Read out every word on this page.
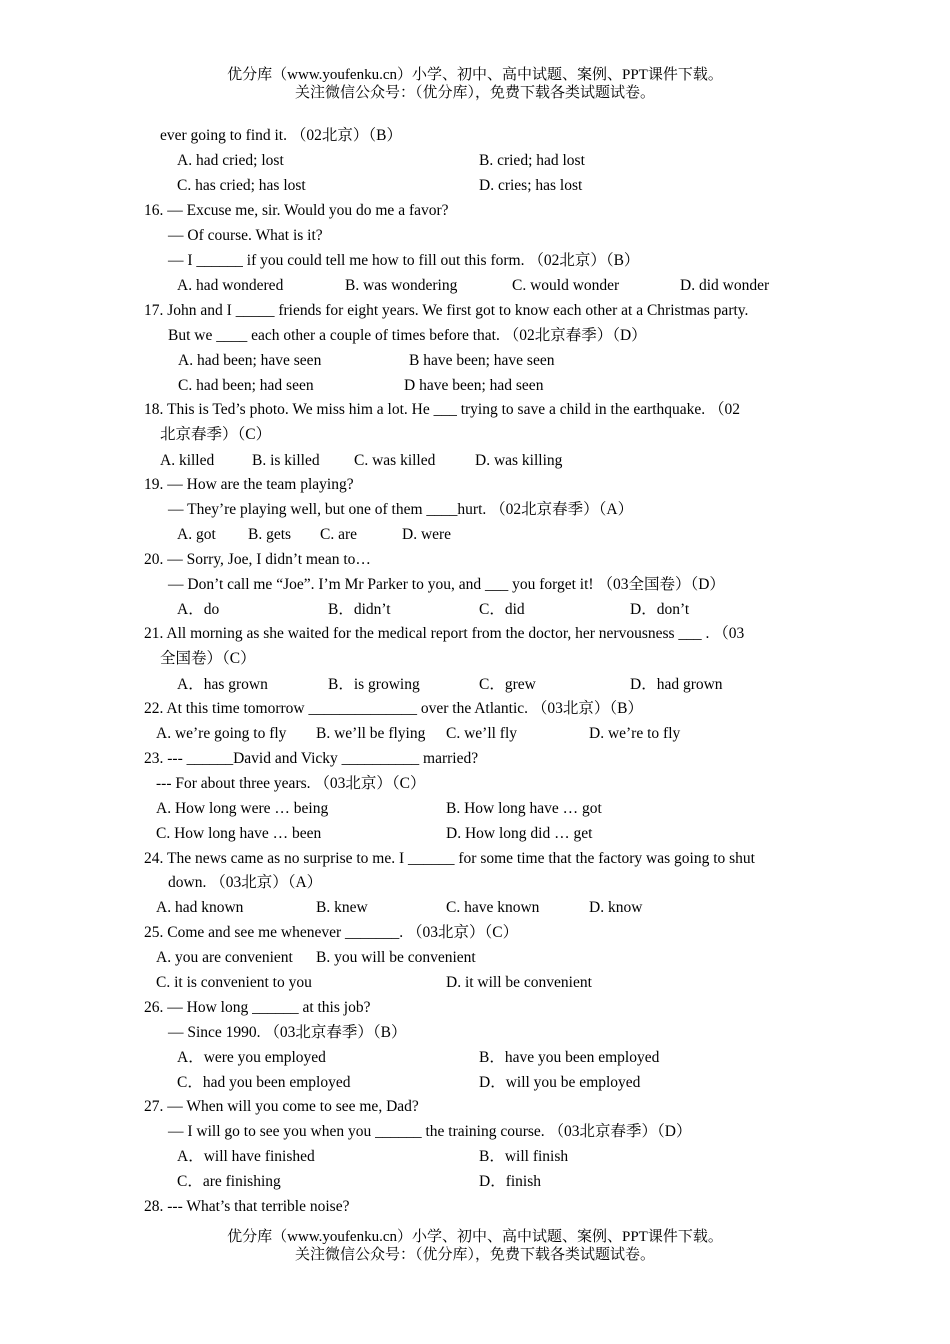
优分库（www.youfenku.cn）小学、初中、高中试题、案例、PPT课件下载。
关注微信公众号：（优分库），免费下载各类试题试卷。
ever going to find it. （02北京）（B）
A. had cried; lost	B. cried; had lost
C. has cried; has lost	D. cries; has lost
16. — Excuse me, sir. Would you do me a favor?
— Of course. What is it?
— I ______ if you could tell me how to fill out this form. （02北京）（B）
A. had wondered	B. was wondering	C. would wonder	D. did wonder
17. John and I _____ friends for eight years. We first got to know each other at a Christmas party.
But we ____ each other a couple of times before that. （02北京春季）（D）
A. had been; have seen	B have been; have seen
C. had been; had seen	D have been; had seen
18. This is Ted’s photo. We miss him a lot. He ___ trying to save a child in the earthquake. （02
北京春季）（C）
A. killed B. is killed C. was killed	D. was killing
19. — How are the team playing?
— They’re playing well, but one of them ____hurt. （02北京春季）（A）
A. got B. gets C. are	D. were
20. — Sorry, Joe, I didn’t mean to…
— Don’t call me “Joe”. I’m Mr Parker to you, and ___ you forget it! （03全国卷）（D）
A．do	B．didn’t	C．did	D．don’t
21. All morning as she waited for the medical report from the doctor, her nervousness ___ . （03
全国卷）（C）
A．has grown	B．is growing	C．grew	D．had grown
22. At this time tomorrow ______________ over the Atlantic. （03北京）（B）
A. we’re going to fly B. we’ll be flying C. we’ll fly	D. we’re to fly
23. --- ______David and Vicky __________ married?
--- For about three years. （03北京）（C）
A. How long were … being	B. How long have … got
C. How long have … been	D. How long did … get
24. The news came as no surprise to me. I ______ for some time that the factory was going to shut
down. （03北京）（A）
A. had known	B. knew	C. have known	D. know
25. Come and see me whenever _______. （03北京）（C）
A. you are convenient B. you will be convenient
C. it is convenient to you	D. it will be convenient
26. — How long ______ at this job?
— Since 1990. （03北京春季）（B）
A．were you employed	B．have you been employed
C．had you been employed	D．will you be employed
27. — When will you come to see me, Dad?
— I will go to see you when you ______ the training course. （03北京春季）（D）
A．will have finished	B．will finish
C．are finishing	D．finish
28. --- What’s that terrible noise?
优分库（www.youfenku.cn）小学、初中、高中试题、案例、PPT课件下载。
关注微信公众号：（优分库），免费下载各类试题试卷。
